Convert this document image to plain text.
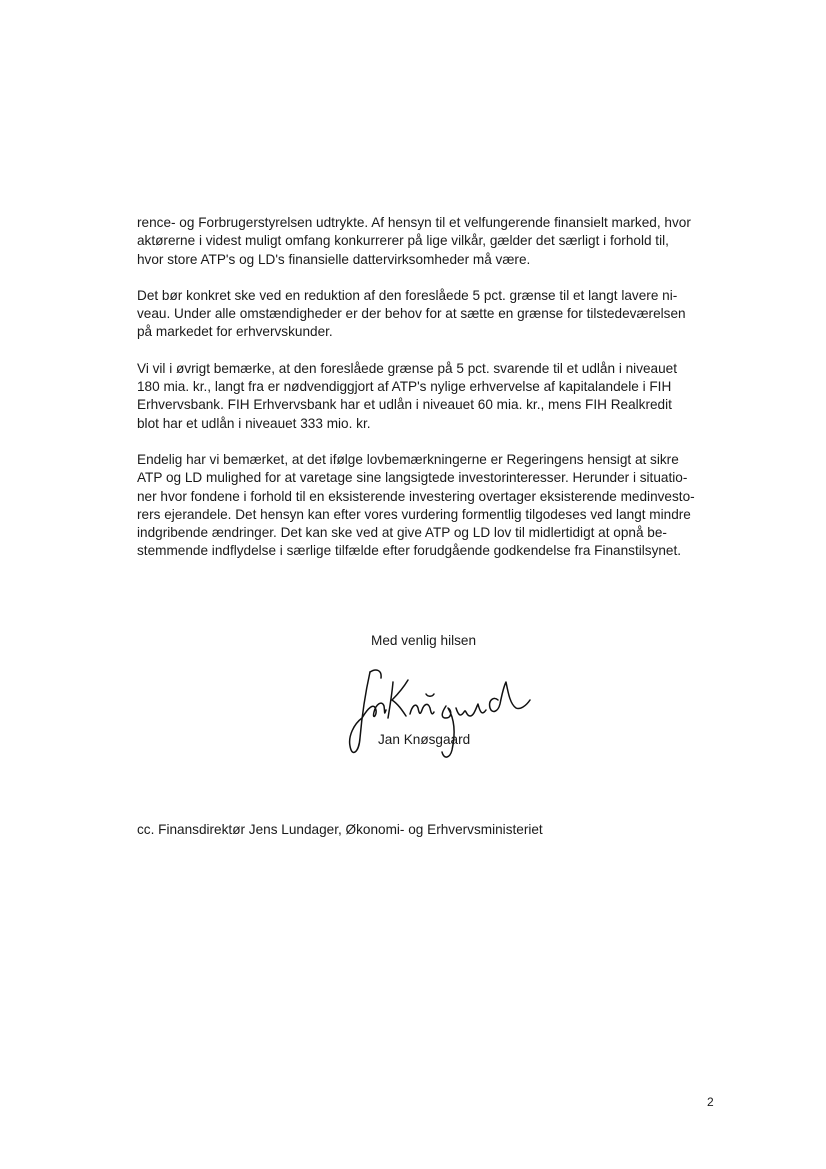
rence- og Forbrugerstyrelsen udtrykte. Af hensyn til et velfungerende finansielt marked, hvor
aktørerne i videst muligt omfang konkurrerer på lige vilkår, gælder det særligt i forhold til,
hvor store ATP's og LD's finansielle dattervirksomheder må være.

Det bør konkret ske ved en reduktion af den foreslåede 5 pct. grænse til et langt lavere ni-
veau. Under alle omstændigheder er der behov for at sætte en grænse for tilstedeværelsen
på markedet for erhvervskunder.

Vi vil i øvrigt bemærke, at den foreslåede grænse på 5 pct. svarende til et udlån i niveauet
180 mia. kr., langt fra er nødvendiggjort af ATP's nylige erhvervelse af kapitalandele i FIH
Erhvervsbank. FIH Erhvervsbank har et udlån i niveauet 60 mia. kr., mens FIH Realkredit
blot har et udlån i niveauet 333 mio. kr.

Endelig har vi bemærket, at det ifølge lovbemærkningerne er Regeringens hensigt at sikre
ATP og LD mulighed for at varetage sine langsigtede investorinteresser. Herunder i situatio-
ner hvor fondene i forhold til en eksisterende investering overtager eksisterende medinvesto-
rers ejerandele. Det hensyn kan efter vores vurdering formentlig tilgodeses ved langt mindre
indgribende ændringer. Det kan ske ved at give ATP og LD lov til midlertidigt at opnå be-
stemmende indflydelse i særlige tilfælde efter forudgående godkendelse fra Finanstilsynet.

Med venlig hilsen
Jan Knøsgaard
cc. Finansdirektør Jens Lundager, Økonomi- og Erhvervsministeriet
2
